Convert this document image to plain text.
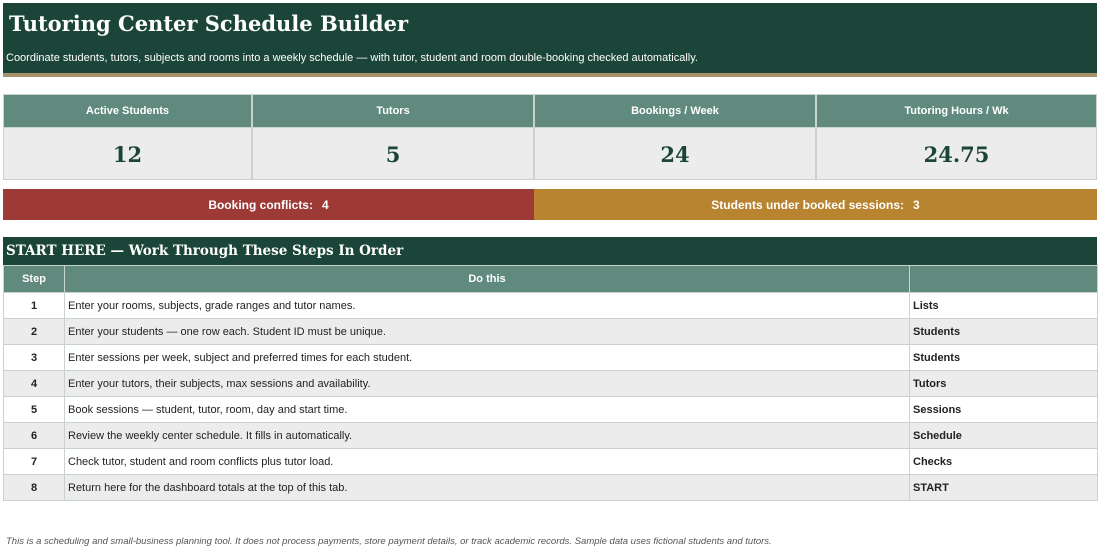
Tutoring Center Schedule Builder
Coordinate students, tutors, subjects and rooms into a weekly schedule — with tutor, student and room double-booking checked automatically.
Active Students
12
Tutors
5
Bookings / Week
24
Tutoring Hours / Wk
24.75
Booking conflicts: 4	Students under booked sessions: 3
START HERE — Work Through These Steps In Order
Step	Do this	
1	Enter your rooms, subjects, grade ranges and tutor names.	Lists
2	Enter your students — one row each. Student ID must be unique.	Students
3	Enter sessions per week, subject and preferred times for each student.	Students
4	Enter your tutors, their subjects, max sessions and availability.	Tutors
5	Book sessions — student, tutor, room, day and start time.	Sessions
6	Review the weekly center schedule. It fills in automatically.	Schedule
7	Check tutor, student and room conflicts plus tutor load.	Checks
8	Return here for the dashboard totals at the top of this tab.	START
This is a scheduling and small-business planning tool. It does not process payments, store payment details, or track academic records. Sample data uses fictional students and tutors.
